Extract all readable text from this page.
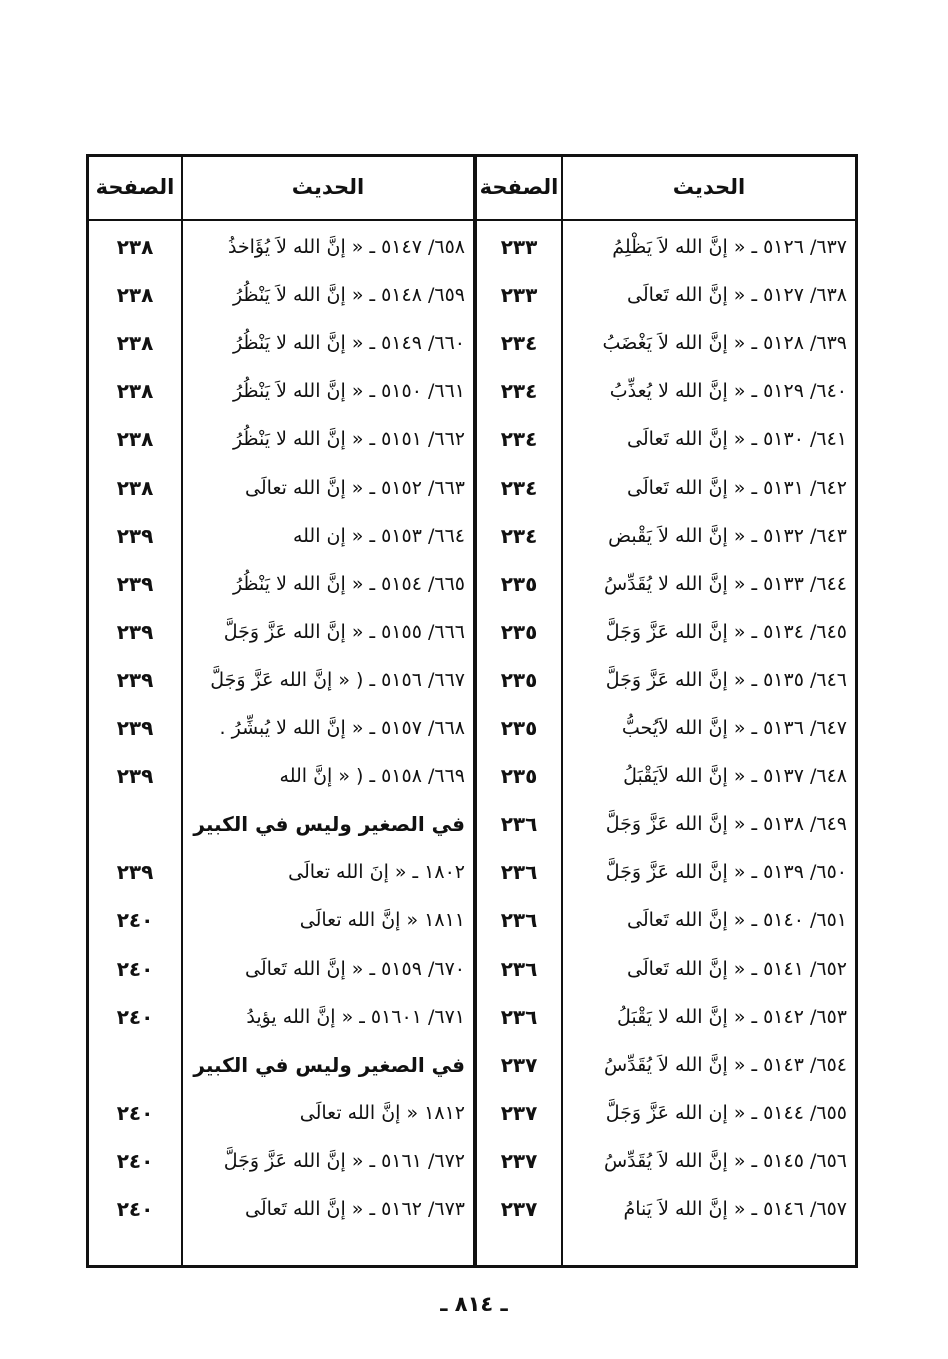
الحديث
الصفحة
الحديث
الصفحة
٦٣٧/ ٥١٢٦ ـ « إنَّ الله لاَ يَظْلِمُ
٢٣٣
٦٥٨/ ٥١٤٧ ـ « إنَّ الله لاَ يُؤَاخذُ
٢٣٨
٦٣٨/ ٥١٢٧ ـ « إنَّ الله تَعالَى
٢٣٣
٦٥٩/ ٥١٤٨ ـ « إنَّ الله لاَ يَنْظُرُ
٢٣٨
٦٣٩/ ٥١٢٨ ـ « إنَّ الله لاَ يَغْضَبُ
٢٣٤
٦٦٠/ ٥١٤٩ ـ « إنَّ الله لا يَنْظُرُ
٢٣٨
٦٤٠/ ٥١٢٩ ـ « إنَّ الله لا يُعذِّبُ
٢٣٤
٦٦١/ ٥١٥٠ ـ « إنَّ الله لاَ يَنْظُرُ
٢٣٨
٦٤١/ ٥١٣٠ ـ « إنَّ الله تَعالَى
٢٣٤
٦٦٢/ ٥١٥١ ـ « إنَّ الله لا يَنْظُرُ
٢٣٨
٦٤٢/ ٥١٣١ ـ « إنَّ الله تَعالَى
٢٣٤
٦٦٣/ ٥١٥٢ ـ « إنَّ الله تعالَى
٢٣٨
٦٤٣/ ٥١٣٢ ـ « إنَّ الله لاَ يَقْبض
٢٣٤
٦٦٤/ ٥١٥٣ ـ « إن الله
٢٣٩
٦٤٤/ ٥١٣٣ ـ « إنَّ الله لا يُقَدِّسُ
٢٣٥
٦٦٥/ ٥١٥٤ ـ « إنَّ الله لا يَنْظُرُ
٢٣٩
٦٤٥/ ٥١٣٤ ـ « إنَّ الله عَزَّ وَجَلَّ
٢٣٥
٦٦٦/ ٥١٥٥ ـ « إنَّ الله عَزَّ وَجَلَّ
٢٣٩
٦٤٦/ ٥١٣٥ ـ « إنَّ الله عَزَّ وَجَلَّ
٢٣٥
٦٦٧/ ٥١٥٦ ـ ( « إنَّ الله عَزَّ وَجَلَّ
٢٣٩
٦٤٧/ ٥١٣٦ ـ « إنَّ الله لاَيُحبُّ
٢٣٥
٦٦٨/ ٥١٥٧ ـ « إنَّ الله لا يُبشِّرُ .
٢٣٩
٦٤٨/ ٥١٣٧ ـ « إنَّ الله لاَيَقْبَلُ
٢٣٥
٦٦٩/ ٥١٥٨ ـ ( « إنَّ الله
٢٣٩
٦٤٩/ ٥١٣٨ ـ « إنَّ الله عَزَّ وَجَلَّ
٢٣٦
في الصغير وليس في الكبير
٦٥٠/ ٥١٣٩ ـ « إنَّ الله عَزَّ وَجَلَّ
٢٣٦
١٨٠٢ ـ « إنَ الله تعالَى
٢٣٩
٦٥١/ ٥١٤٠ ـ « إنَّ الله تَعالَى
٢٣٦
١٨١١ « إنَّ الله تعالَى
٢٤٠
٦٥٢/ ٥١٤١ ـ « إنَّ الله تَعالَى
٢٣٦
٦٧٠/ ٥١٥٩ ـ « إنَّ الله تَعالَى
٢٤٠
٦٥٣/ ٥١٤٢ ـ « إنَّ الله لا يَقْبَلُ
٢٣٦
٦٧١/ ٥١٦٠١ ـ « إنَّ الله يؤيدُ
٢٤٠
٦٥٤/ ٥١٤٣ ـ « إنَّ الله لاَ يُقَدِّسُ
٢٣٧
في الصغير وليس في الكبير
٦٥٥/ ٥١٤٤ ـ « إن الله عَزَّ وَجَلَّ
٢٣٧
١٨١٢ « إنَّ الله تعالَى
٢٤٠
٦٥٦/ ٥١٤٥ ـ « إنَّ الله لاَ يُقَدِّسُ
٢٣٧
٦٧٢/ ٥١٦١ ـ « إنَّ الله عَزَّ وَجَلَّ
٢٤٠
٦٥٧/ ٥١٤٦ ـ « إنَّ الله لاَ يَنامُ
٢٣٧
٦٧٣/ ٥١٦٢ ـ « إنَّ الله تَعالَى
٢٤٠
ـ ٨١٤ ـ
